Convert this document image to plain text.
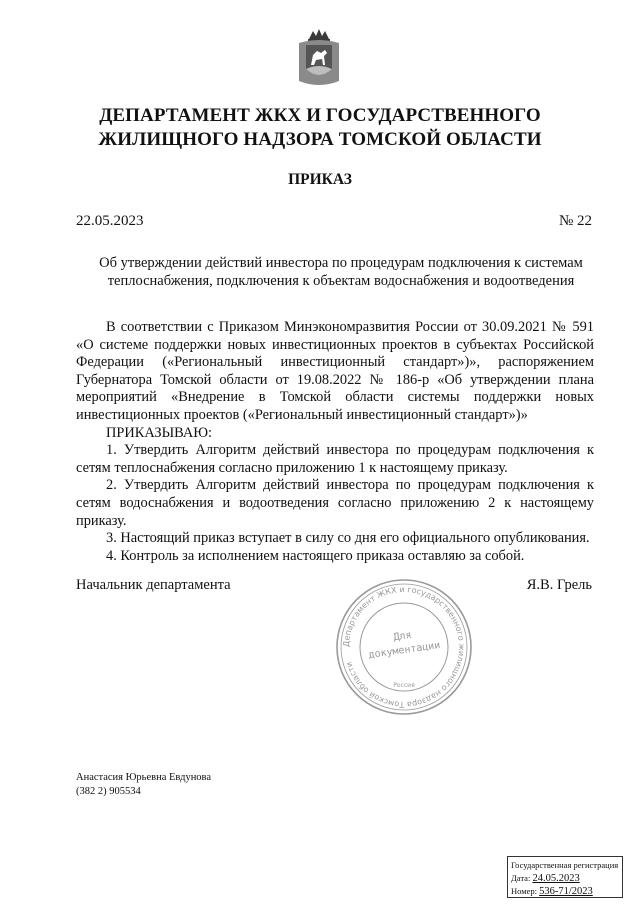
ДЕПАРТАМЕНТ ЖКХ И ГОСУДАРСТВЕННОГО ЖИЛИЩНОГО НАДЗОРА ТОМСКОЙ ОБЛАСТИ
ПРИКАЗ
22.05.2023	№ 22
Об утверждении действий инвестора по процедурам подключения к системам теплоснабжения, подключения к объектам водоснабжения и водоотведения

В соответствии с Приказом Минэкономразвития России от 30.09.2021 № 591 «О системе поддержки новых инвестиционных проектов в субъектах Российской Федерации («Региональный инвестиционный стандарт»)», распоряжением Губернатора Томской области от 19.08.2022 № 186-р «Об утверждении плана мероприятий «Внедрение в Томской области системы поддержки новых инвестиционных проектов («Региональный инвестиционный стандарт»)»

ПРИКАЗЫВАЮ:

1. Утвердить Алгоритм действий инвестора по процедурам подключения к сетям теплоснабжения согласно приложению 1 к настоящему приказу.

2. Утвердить Алгоритм действий инвестора по процедурам подключения к сетям водоснабжения и водоотведения согласно приложению 2 к настоящему приказу.

3. Настоящий приказ вступает в силу со дня его официального опубликования.

4. Контроль за исполнением настоящего приказа оставляю за собой.

Начальник департамента	Я.В. Грель
Департамент ЖКХ и государственного жилищного надзора Томской области
Для
документации
Россия
Анастасия Юрьевна Евдунова
(382 2) 905534
Государственная регистрация
Дата: 24.05.2023
Номер: 536-71/2023
